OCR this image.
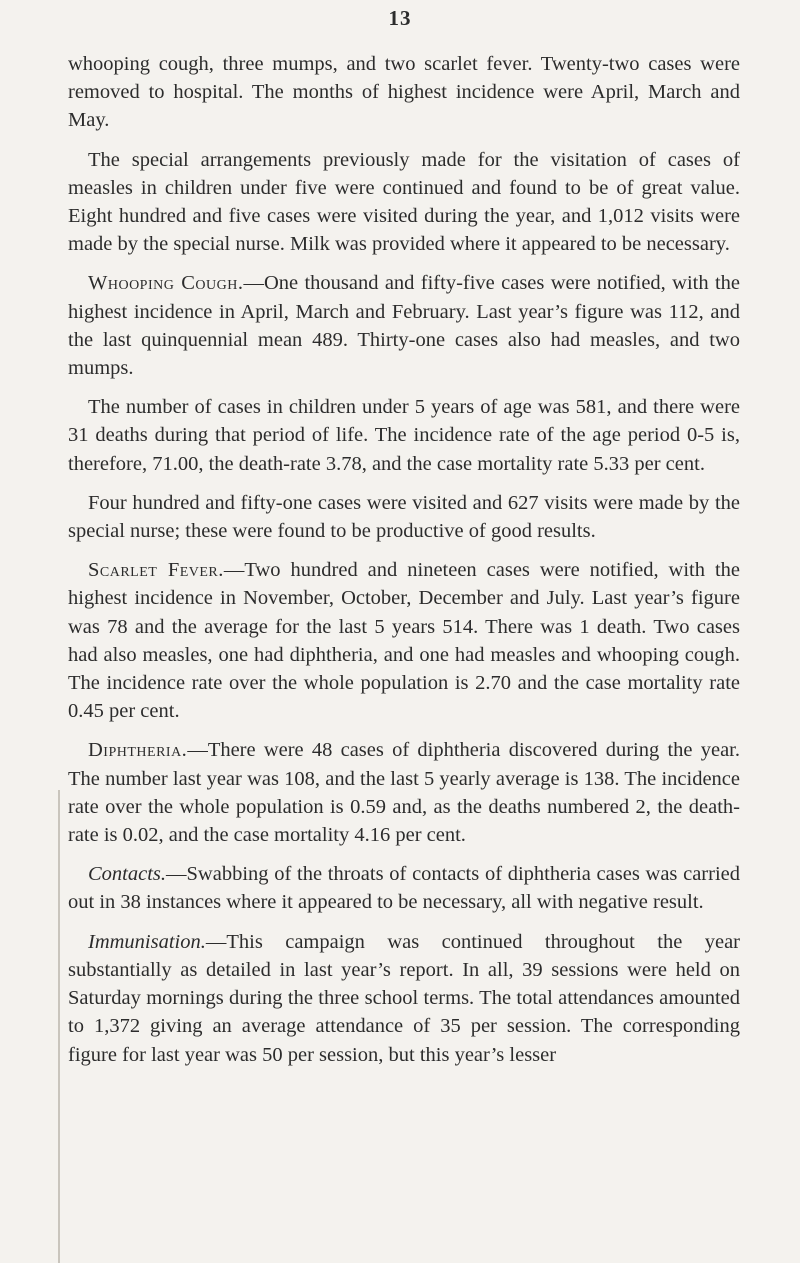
13

whooping cough, three mumps, and two scarlet fever. Twenty-two cases were removed to hospital. The months of highest incidence were April, March and May.

The special arrangements previously made for the visitation of cases of measles in children under five were continued and found to be of great value. Eight hundred and five cases were visited during the year, and 1,012 visits were made by the special nurse. Milk was provided where it appeared to be necessary.

Whooping Cough.—One thousand and fifty-five cases were notified, with the highest incidence in April, March and February. Last year’s figure was 112, and the last quinquennial mean 489. Thirty-one cases also had measles, and two mumps.

The number of cases in children under 5 years of age was 581, and there were 31 deaths during that period of life. The incidence rate of the age period 0-5 is, therefore, 71.00, the death-rate 3.78, and the case mortality rate 5.33 per cent.

Four hundred and fifty-one cases were visited and 627 visits were made by the special nurse; these were found to be productive of good results.

Scarlet Fever.—Two hundred and nineteen cases were notified, with the highest incidence in November, October, December and July. Last year’s figure was 78 and the average for the last 5 years 514. There was 1 death. Two cases had also measles, one had diphtheria, and one had measles and whooping cough. The incidence rate over the whole population is 2.70 and the case mortality rate 0.45 per cent.

Diphtheria.—There were 48 cases of diphtheria discovered during the year. The number last year was 108, and the last 5 yearly average is 138. The incidence rate over the whole population is 0.59 and, as the deaths numbered 2, the death-rate is 0.02, and the case mortality 4.16 per cent.

Contacts.—Swabbing of the throats of contacts of diphtheria cases was carried out in 38 instances where it appeared to be necessary, all with negative result.

Immunisation.—This campaign was continued throughout the year substantially as detailed in last year’s report. In all, 39 sessions were held on Saturday mornings during the three school terms. The total attendances amounted to 1,372 giving an average attendance of 35 per session. The corresponding figure for last year was 50 per session, but this year’s lesser
